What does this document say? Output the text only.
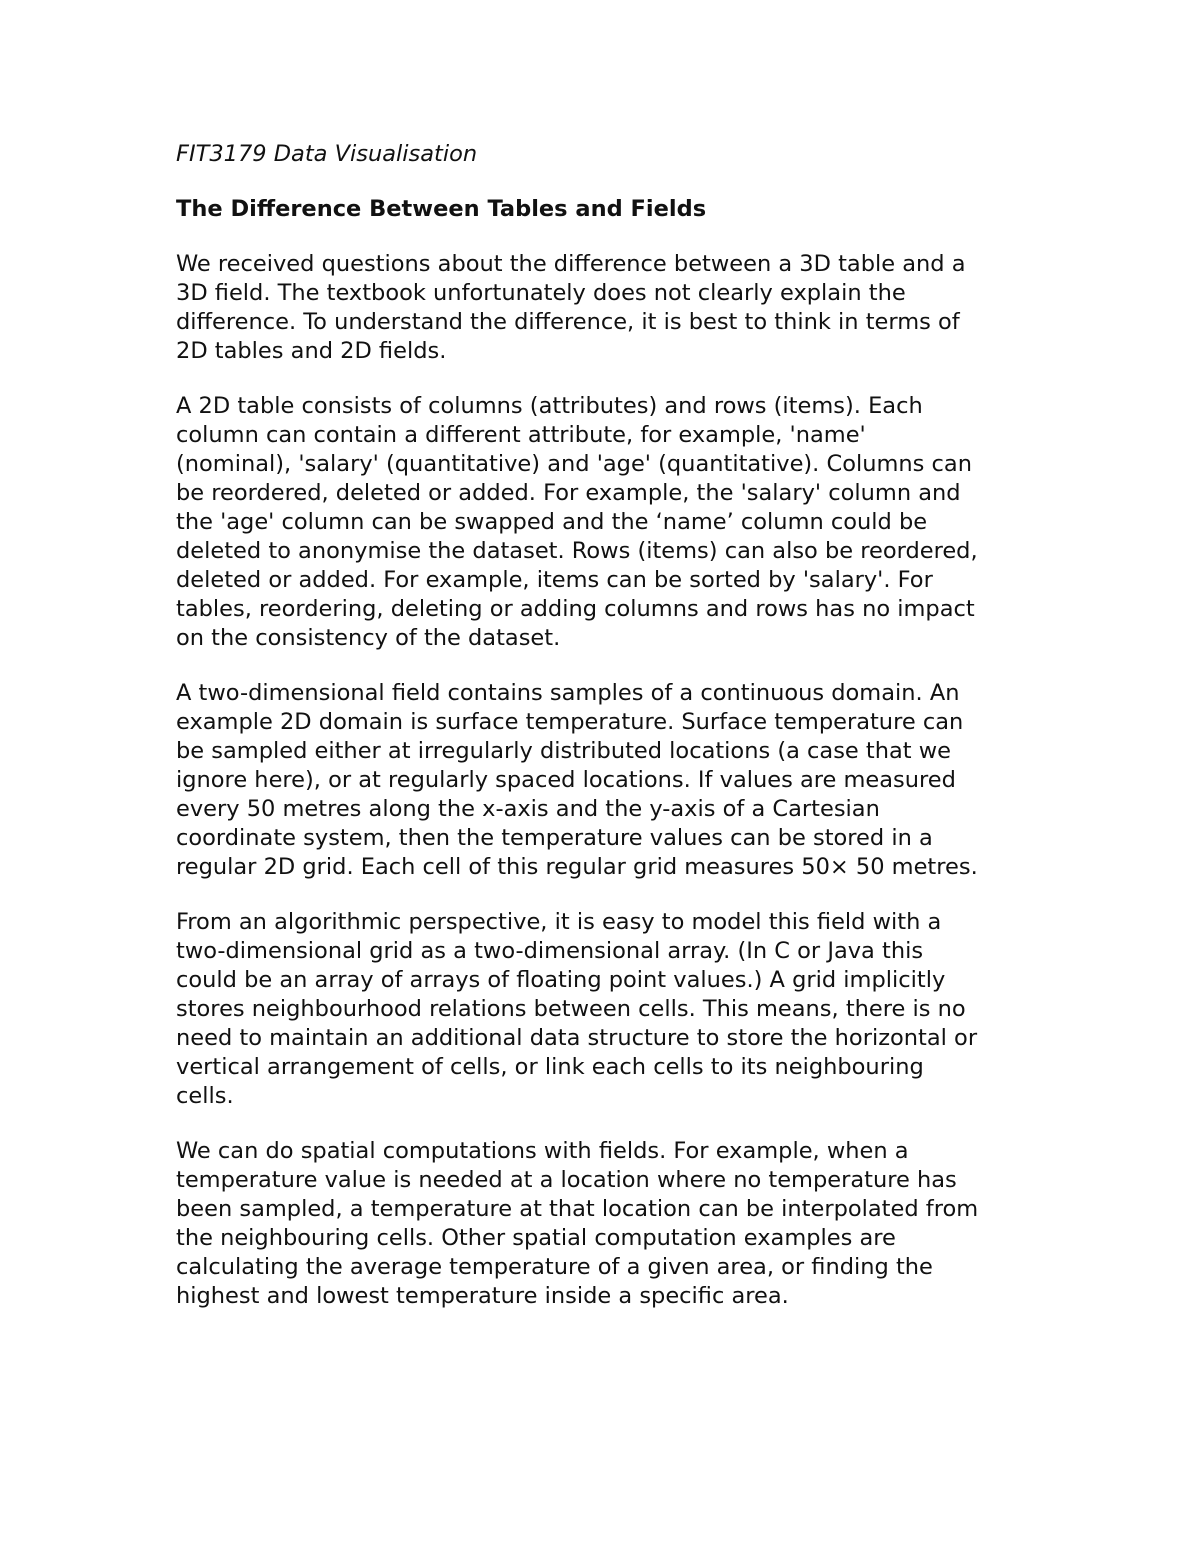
FIT3179 Data Visualisation
The Difference Between Tables and Fields
We received questions about the difference between a 3D table and a
3D field. The textbook unfortunately does not clearly explain the
difference. To understand the difference, it is best to think in terms of
2D tables and 2D fields.
A 2D table consists of columns (attributes) and rows (items). Each
column can contain a different attribute, for example, 'name'
(nominal), 'salary' (quantitative) and 'age' (quantitative). Columns can
be reordered, deleted or added. For example, the 'salary' column and
the 'age' column can be swapped and the ‘name’ column could be
deleted to anonymise the dataset. Rows (items) can also be reordered,
deleted or added. For example, items can be sorted by 'salary'. For
tables, reordering, deleting or adding columns and rows has no impact
on the consistency of the dataset.
A two-dimensional field contains samples of a continuous domain. An
example 2D domain is surface temperature. Surface temperature can
be sampled either at irregularly distributed locations (a case that we
ignore here), or at regularly spaced locations. If values are measured
every 50 metres along the x-axis and the y-axis of a Cartesian
coordinate system, then the temperature values can be stored in a
regular 2D grid. Each cell of this regular grid measures 50× 50 metres.
From an algorithmic perspective, it is easy to model this field with a
two-dimensional grid as a two-dimensional array. (In C or Java this
could be an array of arrays of floating point values.) A grid implicitly
stores neighbourhood relations between cells. This means, there is no
need to maintain an additional data structure to store the horizontal or
vertical arrangement of cells, or link each cells to its neighbouring
cells.
We can do spatial computations with fields. For example, when a
temperature value is needed at a location where no temperature has
been sampled, a temperature at that location can be interpolated from
the neighbouring cells. Other spatial computation examples are
calculating the average temperature of a given area, or finding the
highest and lowest temperature inside a specific area.
